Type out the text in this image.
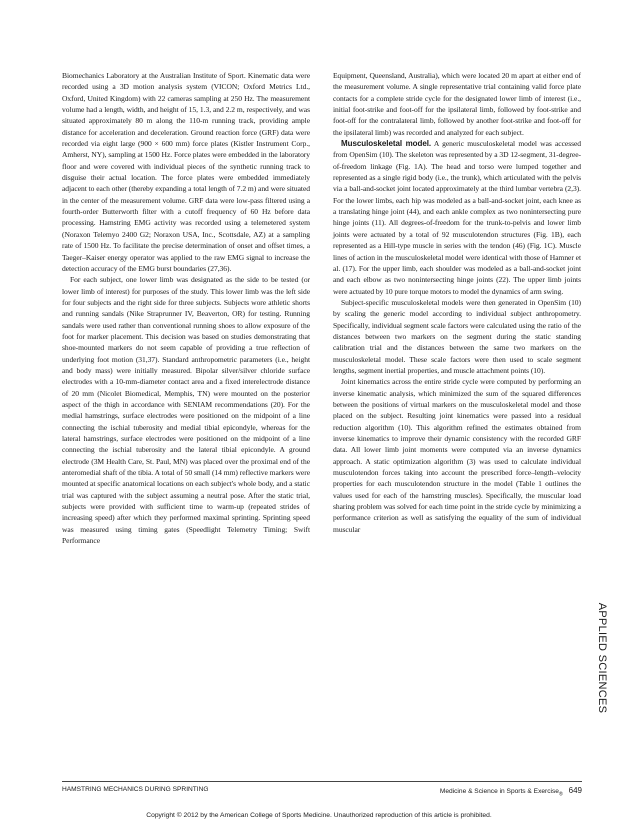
Biomechanics Laboratory at the Australian Institute of Sport. Kinematic data were recorded using a 3D motion analysis system (VICON; Oxford Metrics Ltd., Oxford, United Kingdom) with 22 cameras sampling at 250 Hz. The measurement volume had a length, width, and height of 15, 1.3, and 2.2 m, respectively, and was situated approximately 80 m along the 110-m running track, providing ample distance for acceleration and deceleration. Ground reaction force (GRF) data were recorded via eight large (900 × 600 mm) force plates (Kistler Instrument Corp., Amherst, NY), sampling at 1500 Hz. Force plates were embedded in the laboratory floor and were covered with individual pieces of the synthetic running track to disguise their actual location. The force plates were embedded immediately adjacent to each other (thereby expanding a total length of 7.2 m) and were situated in the center of the measurement volume. GRF data were low-pass filtered using a fourth-order Butterworth filter with a cutoff frequency of 60 Hz before data processing. Hamstring EMG activity was recorded using a telemetered system (Noraxon Telemyo 2400 G2; Noraxon USA, Inc., Scottsdale, AZ) at a sampling rate of 1500 Hz. To facilitate the precise determination of onset and offset times, a Taeger–Kaiser energy operator was applied to the raw EMG signal to increase the detection accuracy of the EMG burst boundaries (27,36).

For each subject, one lower limb was designated as the side to be tested (or lower limb of interest) for purposes of the study. This lower limb was the left side for four subjects and the right side for three subjects. Subjects wore athletic shorts and running sandals (Nike Straprunner IV, Beaverton, OR) for testing. Running sandals were used rather than conventional running shoes to allow exposure of the foot for marker placement. This decision was based on studies demonstrating that shoe-mounted markers do not seem capable of providing a true reflection of underlying foot motion (31,37). Standard anthropometric parameters (i.e., height and body mass) were initially measured. Bipolar silver/silver chloride surface electrodes with a 10-mm-diameter contact area and a fixed interelectrode distance of 20 mm (Nicolet Biomedical, Memphis, TN) were mounted on the posterior aspect of the thigh in accordance with SENIAM recommendations (20). For the medial hamstrings, surface electrodes were positioned on the midpoint of a line connecting the ischial tuberosity and medial tibial epicondyle, whereas for the lateral hamstrings, surface electrodes were positioned on the midpoint of a line connecting the ischial tuberosity and the lateral tibial epicondyle. A ground electrode (3M Health Care, St. Paul, MN) was placed over the proximal end of the anteromedial shaft of the tibia. A total of 50 small (14 mm) reflective markers were mounted at specific anatomical locations on each subject's whole body, and a static trial was captured with the subject assuming a neutral pose. After the static trial, subjects were provided with sufficient time to warm-up (repeated strides of increasing speed) after which they performed maximal sprinting. Sprinting speed was measured using timing gates (Speedlight Telemetry Timing; Swift Performance

Equipment, Queensland, Australia), which were located 20 m apart at either end of the measurement volume. A single representative trial containing valid force plate contacts for a complete stride cycle for the designated lower limb of interest (i.e., initial foot-strike and foot-off for the ipsilateral limb, followed by foot-strike and foot-off for the contralateral limb, followed by another foot-strike and foot-off for the ipsilateral limb) was recorded and analyzed for each subject.

Musculoskeletal model. A generic musculoskeletal model was accessed from OpenSim (10). The skeleton was represented by a 3D 12-segment, 31-degree-of-freedom linkage (Fig. 1A). The head and torso were lumped together and represented as a single rigid body (i.e., the trunk), which articulated with the pelvis via a ball-and-socket joint located approximately at the third lumbar vertebra (2,3). For the lower limbs, each hip was modeled as a ball-and-socket joint, each knee as a translating hinge joint (44), and each ankle complex as two nonintersecting pure hinge joints (11). All degrees-of-freedom for the trunk-to-pelvis and lower limb joints were actuated by a total of 92 musculotendon structures (Fig. 1B), each represented as a Hill-type muscle in series with the tendon (46) (Fig. 1C). Muscle lines of action in the musculoskeletal model were identical with those of Hamner et al. (17). For the upper limb, each shoulder was modeled as a ball-and-socket joint and each elbow as two nonintersecting hinge joints (22). The upper limb joints were actuated by 10 pure torque motors to model the dynamics of arm swing.

Subject-specific musculoskeletal models were then generated in OpenSim (10) by scaling the generic model according to individual subject anthropometry. Specifically, individual segment scale factors were calculated using the ratio of the distances between two markers on the segment during the static standing calibration trial and the distances between the same two markers on the musculoskeletal model. These scale factors were then used to scale segment lengths, segment inertial properties, and muscle attachment points (10).

Joint kinematics across the entire stride cycle were computed by performing an inverse kinematic analysis, which minimized the sum of the squared differences between the positions of virtual markers on the musculoskeletal model and those placed on the subject. Resulting joint kinematics were passed into a residual reduction algorithm (10). This algorithm refined the estimates obtained from inverse kinematics to improve their dynamic consistency with the recorded GRF data. All lower limb joint moments were computed via an inverse dynamics approach. A static optimization algorithm (3) was used to calculate individual musculotendon forces taking into account the prescribed force–length–velocity properties for each musculotendon structure in the model (Table 1 outlines the values used for each of the hamstring muscles). Specifically, the muscular load sharing problem was solved for each time point in the stride cycle by minimizing a performance criterion as well as satisfying the equality of the sum of individual muscular

APPLIED SCIENCES
HAMSTRING MECHANICS DURING SPRINTING	Medicine & Science in Sports & Exercise$_®$ 649
Copyright © 2012 by the American College of Sports Medicine. Unauthorized reproduction of this article is prohibited.
